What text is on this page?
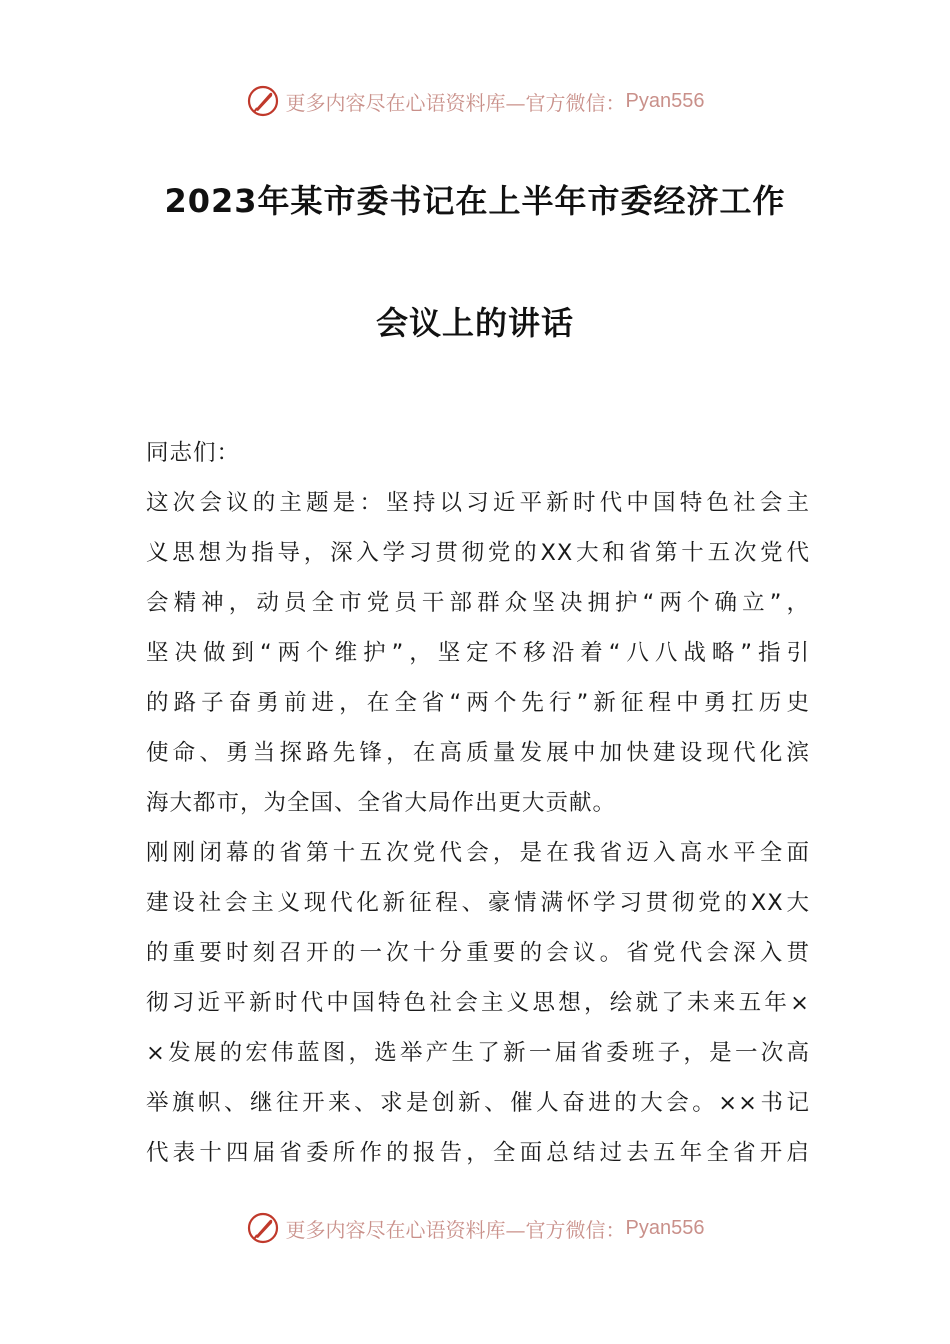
更多内容尽在心语资料库—官方微信： Pyan556
2023年某市委书记在上半年市委经济工作
会议上的讲话
同志们：
这次会议的主题是：坚持以习近平新时代中国特色社会主
义思想为指导，深入学习贯彻党的XX大和省第十五次党代
会精神，动员全市党员干部群众坚决拥护“两个确立”，
坚决做到“两个维护”，坚定不移沿着“八八战略”指引
的路子奋勇前进，在全省“两个先行”新征程中勇扛历史
使命、勇当探路先锋，在高质量发展中加快建设现代化滨
海大都市，为全国、全省大局作出更大贡献。
刚刚闭幕的省第十五次党代会，是在我省迈入高水平全面
建设社会主义现代化新征程、豪情满怀学习贯彻党的XX大
的重要时刻召开的一次十分重要的会议。省党代会深入贯
彻习近平新时代中国特色社会主义思想，绘就了未来五年×
×发展的宏伟蓝图，选举产生了新一届省委班子，是一次高
举旗帜、继往开来、求是创新、催人奋进的大会。××书记
代表十四届省委所作的报告，全面总结过去五年全省开启
更多内容尽在心语资料库—官方微信： Pyan556
